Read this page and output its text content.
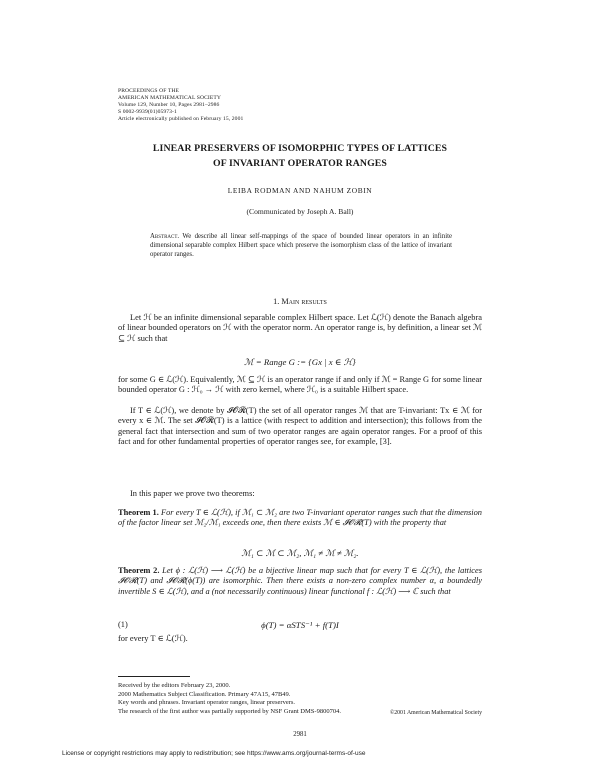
PROCEEDINGS OF THE
AMERICAN MATHEMATICAL SOCIETY
Volume 129, Number 10, Pages 2981–2986
S 0002-9939(01)05973-1
Article electronically published on February 15, 2001
LINEAR PRESERVERS OF ISOMORPHIC TYPES OF LATTICES
OF INVARIANT OPERATOR RANGES
LEIBA RODMAN AND NAHUM ZOBIN
(Communicated by Joseph A. Ball)
Abstract. We describe all linear self-mappings of the space of bounded linear operators in an infinite dimensional separable complex Hilbert space which preserve the isomorphism class of the lattice of invariant operator ranges.
1. Main results
Let ℋ be an infinite dimensional separable complex Hilbert space. Let ℒ(ℋ) denote the Banach algebra of linear bounded operators on ℋ with the operator norm. An operator range is, by definition, a linear set ℳ ⊆ ℋ such that
ℳ = Range G := {Gx | x ∈ ℋ}
for some G ∈ ℒ(ℋ). Equivalently, ℳ ⊆ ℋ is an operator range if and only if ℳ = Range G for some linear bounded operator G : ℋ₀ → ℋ with zero kernel, where ℋ₀ is a suitable Hilbert space.
If T ∈ ℒ(ℋ), we denote by 𝓘𝓞𝓡(T) the set of all operator ranges ℳ that are T-invariant: Tx ∈ ℳ for every x ∈ ℳ. The set 𝓘𝓞𝓡(T) is a lattice (with respect to addition and intersection); this follows from the general fact that intersection and sum of two operator ranges are again operator ranges. For a proof of this fact and for other fundamental properties of operator ranges see, for example, [3].
In this paper we prove two theorems:
Theorem 1. For every T ∈ ℒ(ℋ), if ℳ₁ ⊂ ℳ₂ are two T-invariant operator ranges such that the dimension of the factor linear set ℳ₂/ℳ₁ exceeds one, then there exists ℳ ∈ 𝓘𝓞𝓡(T) with the property that
ℳ₁ ⊂ ℳ ⊂ ℳ₂, ℳ₁ ≠ ℳ ≠ ℳ₂.
Theorem 2. Let ϕ : ℒ(ℋ) ⟶ ℒ(ℋ) be a bijective linear map such that for every T ∈ ℒ(ℋ), the lattices 𝓘𝓞𝓡(T) and 𝓘𝓞𝓡(ϕ(T)) are isomorphic. Then there exists a non-zero complex number α, a boundedly invertible S ∈ ℒ(ℋ), and a (not necessarily continuous) linear functional f : ℒ(ℋ) ⟶ ℂ such that
(1)	ϕ(T) = αSTS⁻¹ + f(T)I
for every T ∈ ℒ(ℋ).
Received by the editors February 23, 2000.
2000 Mathematics Subject Classification. Primary 47A15, 47B49.
Key words and phrases. Invariant operator ranges, linear preservers.
The research of the first author was partially supported by NSF Grant DMS-9800704.	©2001 American Mathematical Society
2981
License or copyright restrictions may apply to redistribution; see https://www.ams.org/journal-terms-of-use
